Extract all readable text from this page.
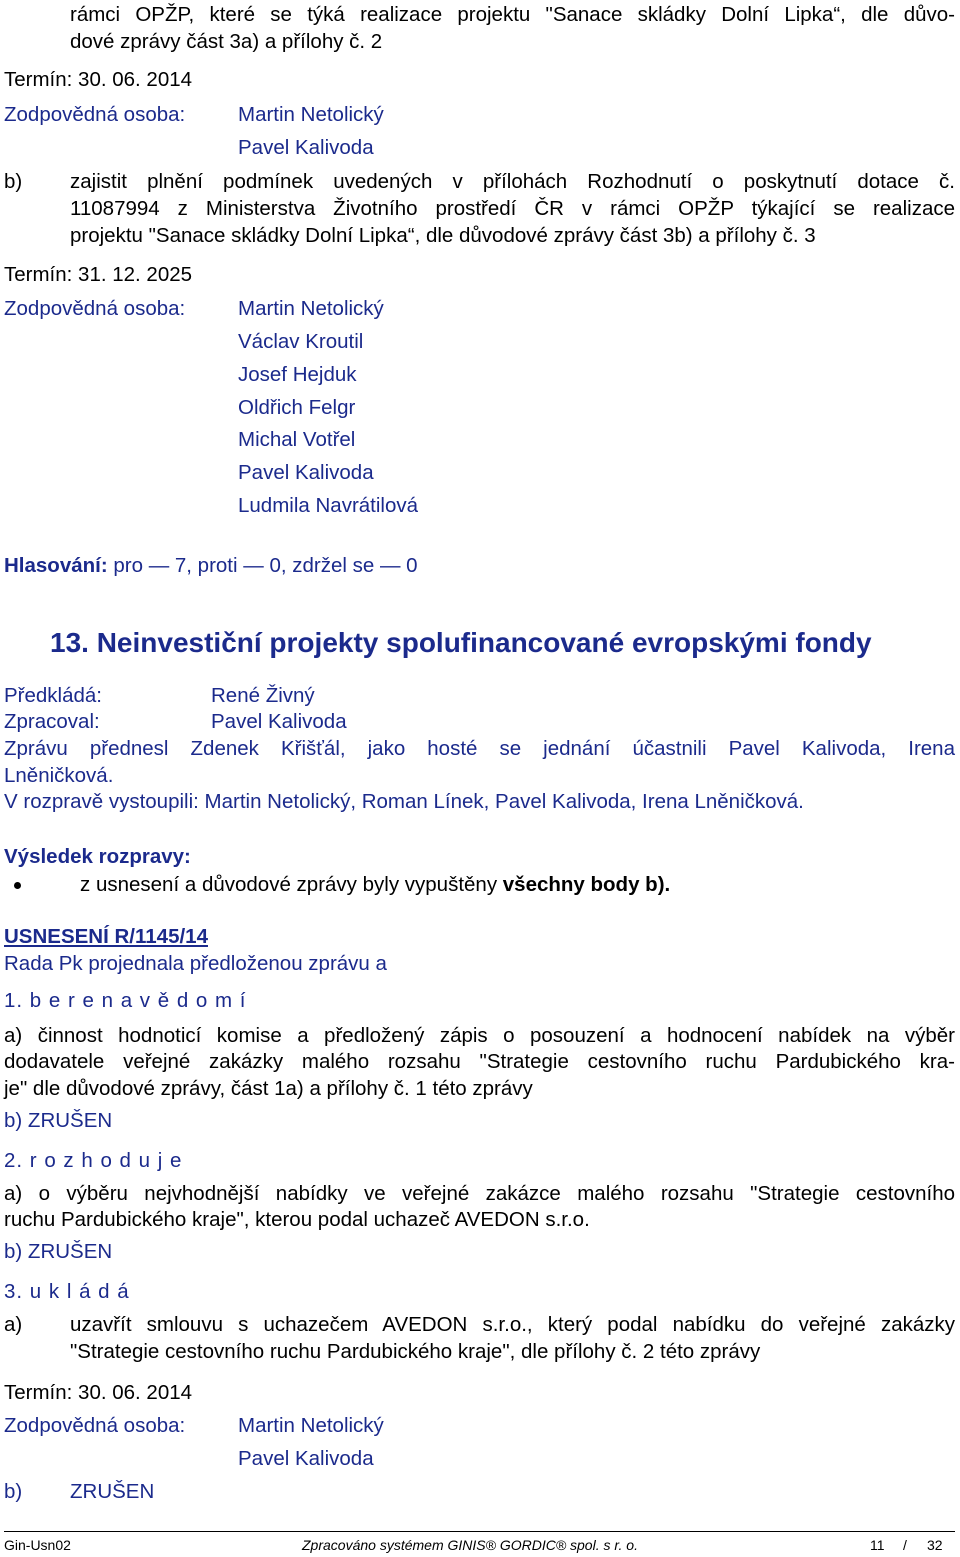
rámci OPŽP, které se týká realizace projektu "Sanace skládky Dolní Lipka“, dle důvo-
dové zprávy část 3a) a přílohy č. 2
Termín: 30. 06. 2014
Zodpovědná osoba:	Martin Netolický
Pavel Kalivoda
b) zajistit plnění podmínek uvedených v přílohách Rozhodnutí o poskytnutí dotace č.
11087994 z Ministerstva Životního prostředí ČR v rámci OPŽP týkající se realizace
projektu "Sanace skládky Dolní Lipka“, dle důvodové zprávy část 3b) a přílohy č. 3
Termín: 31. 12. 2025
Zodpovědná osoba:	Martin Netolický
Václav Kroutil
Josef Hejduk
Oldřich Felgr
Michal Votřel
Pavel Kalivoda
Ludmila Navrátilová
Hlasování: pro — 7, proti — 0, zdržel se — 0
13. Neinvestiční projekty spolufinancované evropskými fondy
Předkládá:	René Živný
Zpracoval:	Pavel Kalivoda
Zprávu přednesl Zdenek Křišťál, jako hosté se jednání účastnili Pavel Kalivoda, Irena
Lněničková.
V rozpravě vystoupili: Martin Netolický, Roman Línek, Pavel Kalivoda, Irena Lněničková.
Výsledek rozpravy:
z usnesení a důvodové zprávy byly vypuštěny všechny body b).
USNESENÍ R/1145/14
Rada Pk projednala předloženou zprávu a
1. b e r e n a v ě d o m í
a) činnost hodnoticí komise a předložený zápis o posouzení a hodnocení nabídek na výběr
dodavatele veřejné zakázky malého rozsahu "Strategie cestovního ruchu Pardubického kra-
je" dle důvodové zprávy, část 1a) a přílohy č. 1 této zprávy
b) ZRUŠEN
2. r o z h o d u j e
a) o výběru nejvhodnější nabídky ve veřejné zakázce malého rozsahu "Strategie cestovního
ruchu Pardubického kraje", kterou podal uchazeč AVEDON s.r.o.
b) ZRUŠEN
3. u k l á d á
a) uzavřít smlouvu s uchazečem AVEDON s.r.o., který podal nabídku do veřejné zakázky
"Strategie cestovního ruchu Pardubického kraje", dle přílohy č. 2 této zprávy
Termín: 30. 06. 2014
Zodpovědná osoba:	Martin Netolický
Pavel Kalivoda
b) ZRUŠEN
Gin-Usn02	Zpracováno systémem GINIS® GORDIC® spol. s r. o.	11 / 32
